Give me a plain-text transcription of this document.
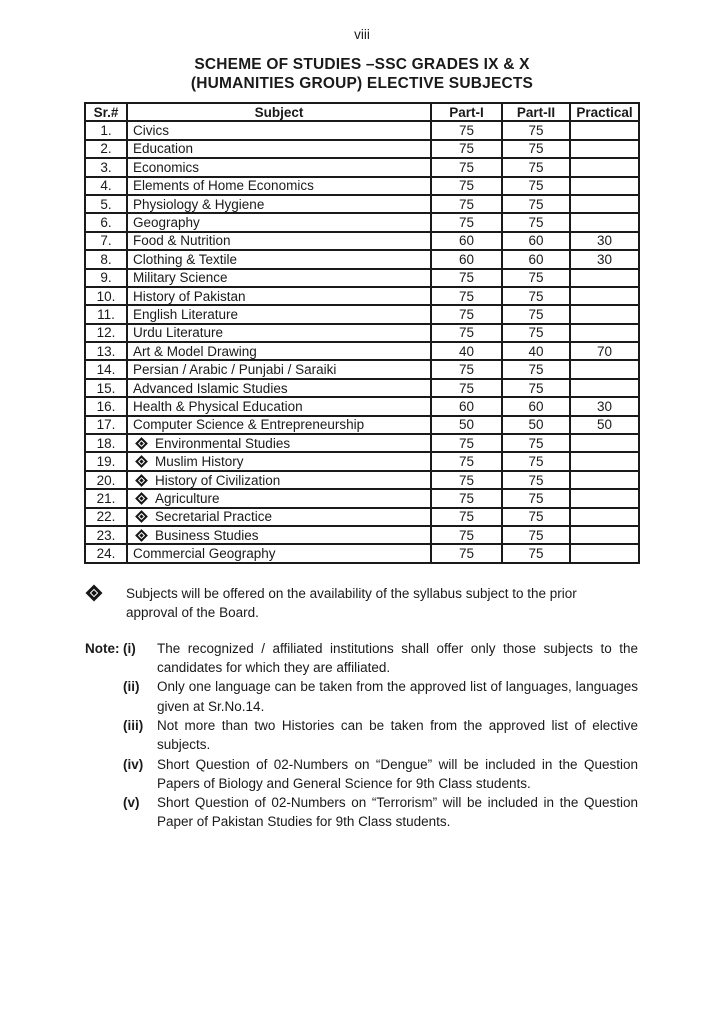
viii
SCHEME OF STUDIES –SSC GRADES IX & X
(HUMANITIES GROUP) ELECTIVE SUBJECTS
Sr.#	Subject	Part-I	Part-II	Practical
1.	Civics	75	75	
2.	Education	75	75	
3.	Economics	75	75	
4.	Elements of Home Economics	75	75	
5.	Physiology & Hygiene	75	75	
6.	Geography	75	75	
7.	Food & Nutrition	60	60	30
8.	Clothing & Textile	60	60	30
9.	Military Science	75	75	
10.	History of Pakistan	75	75	
11.	English Literature	75	75	
12.	Urdu Literature	75	75	
13.	Art & Model Drawing	40	40	70
14.	Persian / Arabic / Punjabi / Saraiki	75	75	
15.	Advanced Islamic Studies	75	75	
16.	Health & Physical Education	60	60	30
17.	Computer Science & Entrepreneurship	50	50	50
18.	Environmental Studies	75	75	
19.	Muslim History	75	75	
20.	History of Civilization	75	75	
21.	Agriculture	75	75	
22.	Secretarial Practice	75	75	
23.	Business Studies	75	75	
24.	Commercial Geography	75	75	
Subjects will be offered on the availability of the syllabus subject to the prior approval of the Board.
Note: (i)	The recognized / affiliated institutions shall offer only those subjects to the candidates for which they are affiliated.
(ii)	Only one language can be taken from the approved list of languages, languages given at Sr.No.14.
(iii)	Not more than two Histories can be taken from the approved list of elective subjects.
(iv)	Short Question of 02-Numbers on “Dengue” will be included in the Question Papers of Biology and General Science for 9th Class students.
(v)	Short Question of 02-Numbers on “Terrorism” will be included in the Question Paper of Pakistan Studies for 9th Class students.
